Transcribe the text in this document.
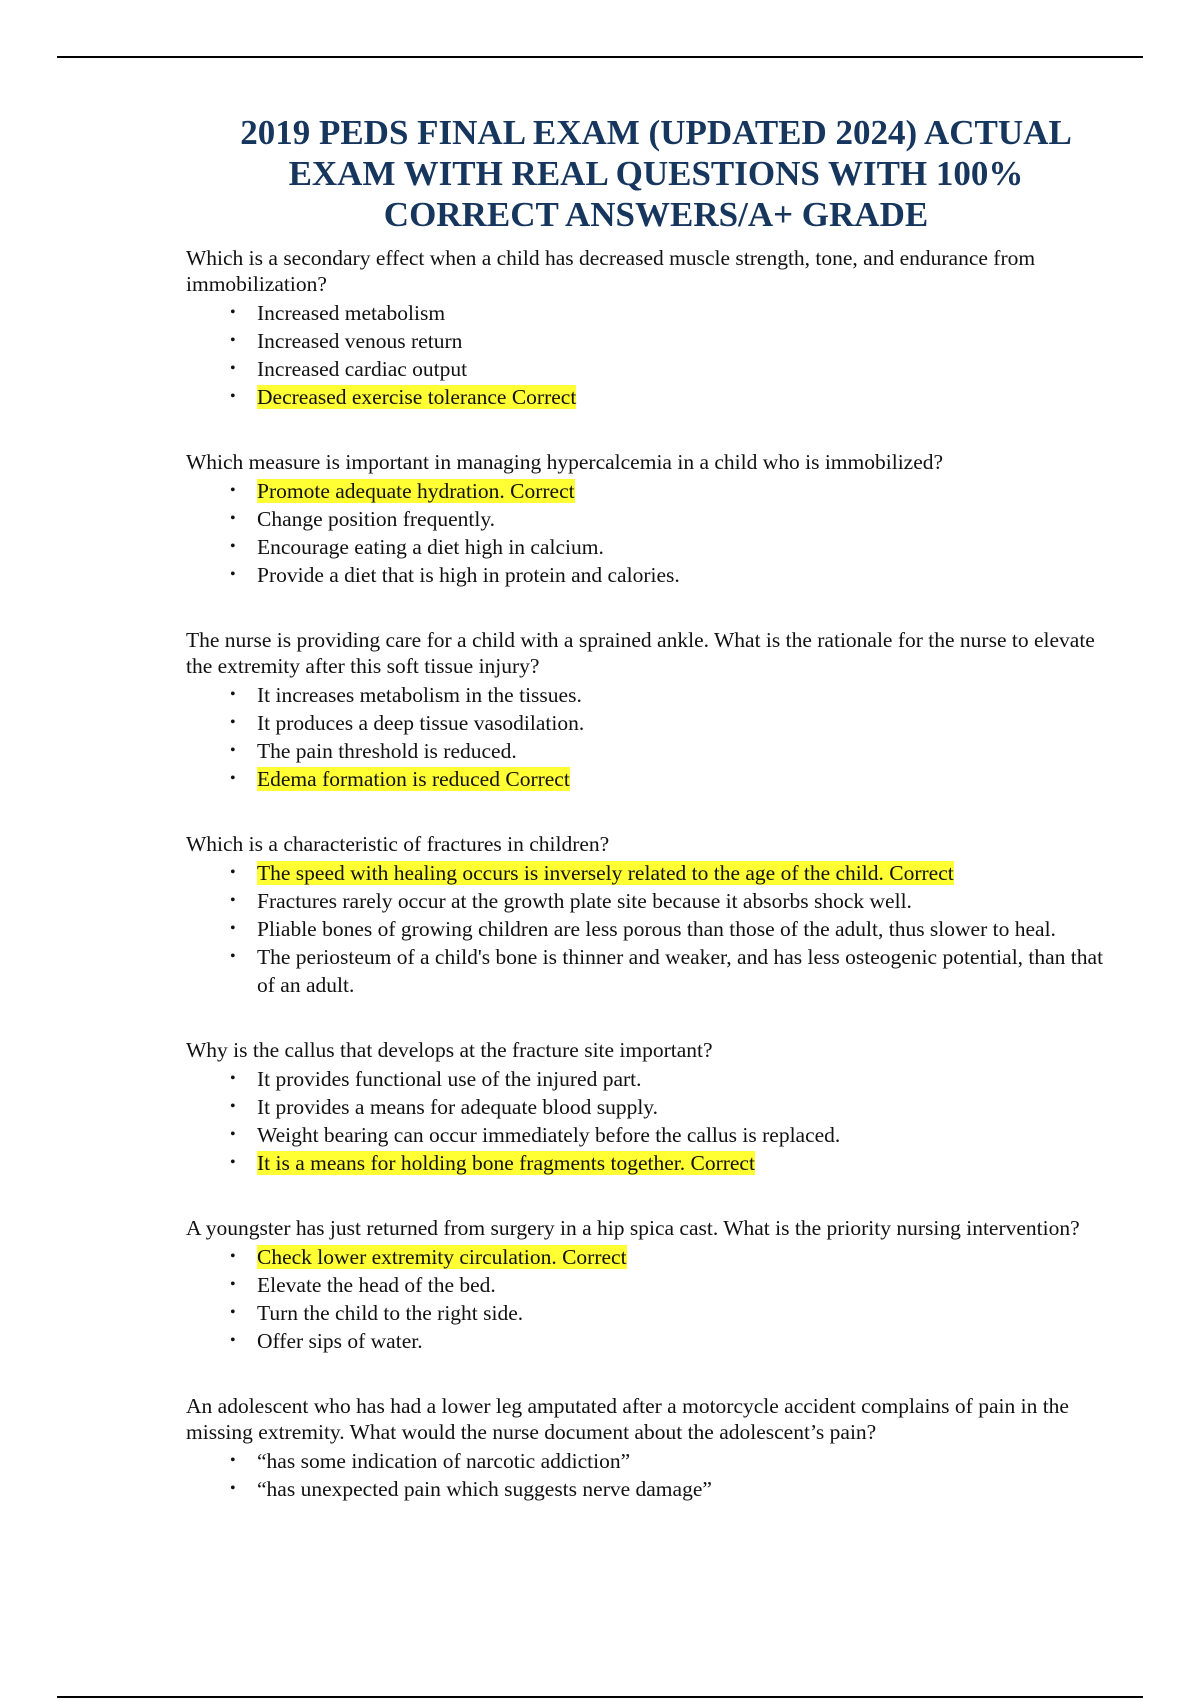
2019 PEDS FINAL EXAM (UPDATED 2024) ACTUAL
EXAM WITH REAL QUESTIONS WITH 100%
CORRECT ANSWERS/A+ GRADE

Which is a secondary effect when a child has decreased muscle strength, tone, and endurance from immobilization?

• Increased metabolism
• Increased venous return
• Increased cardiac output
• Decreased exercise tolerance Correct

Which measure is important in managing hypercalcemia in a child who is immobilized?

• Promote adequate hydration. Correct
• Change position frequently.
• Encourage eating a diet high in calcium.
• Provide a diet that is high in protein and calories.

The nurse is providing care for a child with a sprained ankle. What is the rationale for the nurse to elevate the extremity after this soft tissue injury?

• It increases metabolism in the tissues.
• It produces a deep tissue vasodilation.
• The pain threshold is reduced.
• Edema formation is reduced Correct

Which is a characteristic of fractures in children?

• The speed with healing occurs is inversely related to the age of the child. Correct
• Fractures rarely occur at the growth plate site because it absorbs shock well.
• Pliable bones of growing children are less porous than those of the adult, thus slower to heal.
• The periosteum of a child's bone is thinner and weaker, and has less osteogenic potential, than that of an adult.

Why is the callus that develops at the fracture site important?

• It provides functional use of the injured part.
• It provides a means for adequate blood supply.
• Weight bearing can occur immediately before the callus is replaced.
• It is a means for holding bone fragments together. Correct

A youngster has just returned from surgery in a hip spica cast. What is the priority nursing intervention?

• Check lower extremity circulation. Correct
• Elevate the head of the bed.
• Turn the child to the right side.
• Offer sips of water.

An adolescent who has had a lower leg amputated after a motorcycle accident complains of pain in the missing extremity. What would the nurse document about the adolescent’s pain?

• “has some indication of narcotic addiction”
• “has unexpected pain which suggests nerve damage”
